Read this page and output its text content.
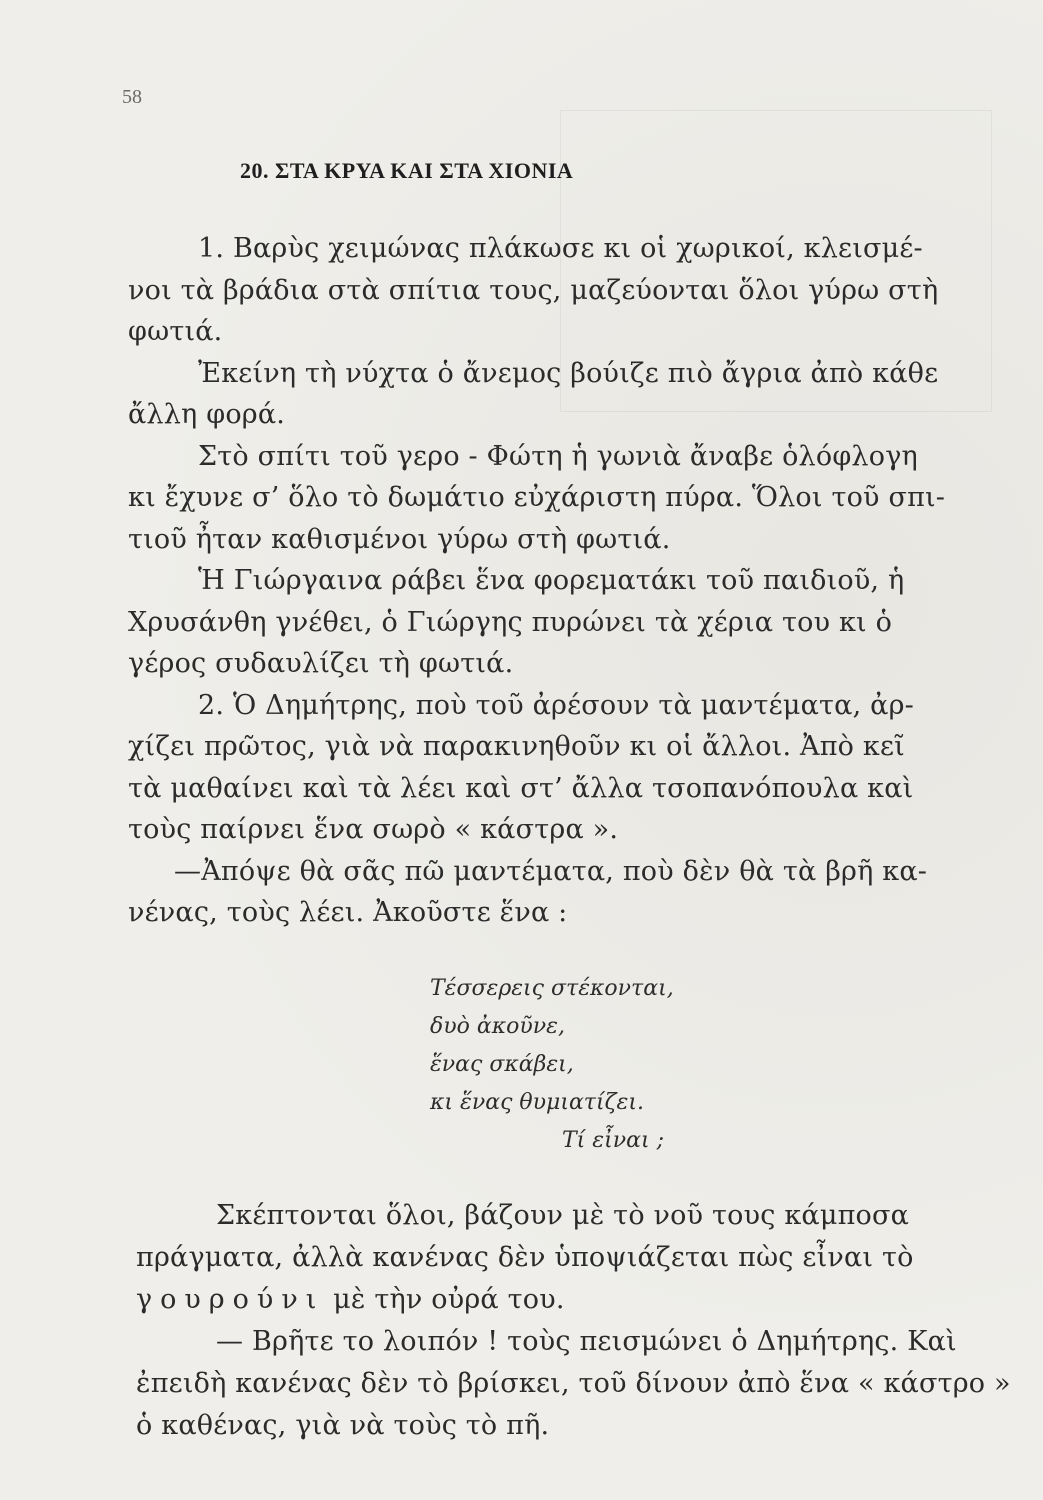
58
20. ΣΤΑ ΚΡΥΑ ΚΑΙ ΣΤΑ ΧΙΟΝΙΑ
1. Βαρὺς χειμώνας πλάκωσε κι οἱ χωρικοί, κλεισμέ-
νοι τὰ βράδια στὰ σπίτια τους, μαζεύονται ὅλοι γύρω στὴ
φωτιά.
Ἐκείνη τὴ νύχτα ὁ ἄνεμος βούιζε πιὸ ἄγρια ἀπὸ κάθε
ἄλλη φορά.
Στὸ σπίτι τοῦ γερο - Φώτη ἡ γωνιὰ ἄναβε ὁλόφλογη
κι ἔχυνε σ’ ὅλο τὸ δωμάτιο εὐχάριστη πύρα. Ὅλοι τοῦ σπι-
τιοῦ ἦταν καθισμένοι γύρω στὴ φωτιά.
Ἡ Γιώργαινα ράβει ἕνα φορεματάκι τοῦ παιδιοῦ, ἡ
Χρυσάνθη γνέθει, ὁ Γιώργης πυρώνει τὰ χέρια του κι ὁ
γέρος συδαυλίζει τὴ φωτιά.
2. Ὁ Δημήτρης, ποὺ τοῦ ἀρέσουν τὰ μαντέματα, ἀρ-
χίζει πρῶτος, γιὰ νὰ παρακινηθοῦν κι οἱ ἄλλοι. Ἀπὸ κεῖ
τὰ μαθαίνει καὶ τὰ λέει καὶ στ’ ἄλλα τσοπανόπουλα καὶ
τοὺς παίρνει ἕνα σωρὸ « κάστρα ».
—Ἀπόψε θὰ σᾶς πῶ μαντέματα, ποὺ δὲν θὰ τὰ βρῆ κα-
νένας, τοὺς λέει. Ἀκοῦστε ἕνα :
Τέσσερεις στέκονται,
δυὸ ἀκοῦνε,
ἕνας σκάβει,
κι ἕνας θυμιατίζει.
Τί εἶναι ;
Σκέπτονται ὅλοι, βάζουν μὲ τὸ νοῦ τους κάμποσα
πράγματα, ἀλλὰ κανένας δὲν ὑποψιάζεται πὼς εἶναι τὸ
γουρούνι μὲ τὴν οὐρά του.
— Βρῆτε το λοιπόν ! τοὺς πεισμώνει ὁ Δημήτρης. Καὶ
ἐπειδὴ κανένας δὲν τὸ βρίσκει, τοῦ δίνουν ἀπὸ ἕνα « κάστρο »
ὁ καθένας, γιὰ νὰ τοὺς τὸ πῆ.
